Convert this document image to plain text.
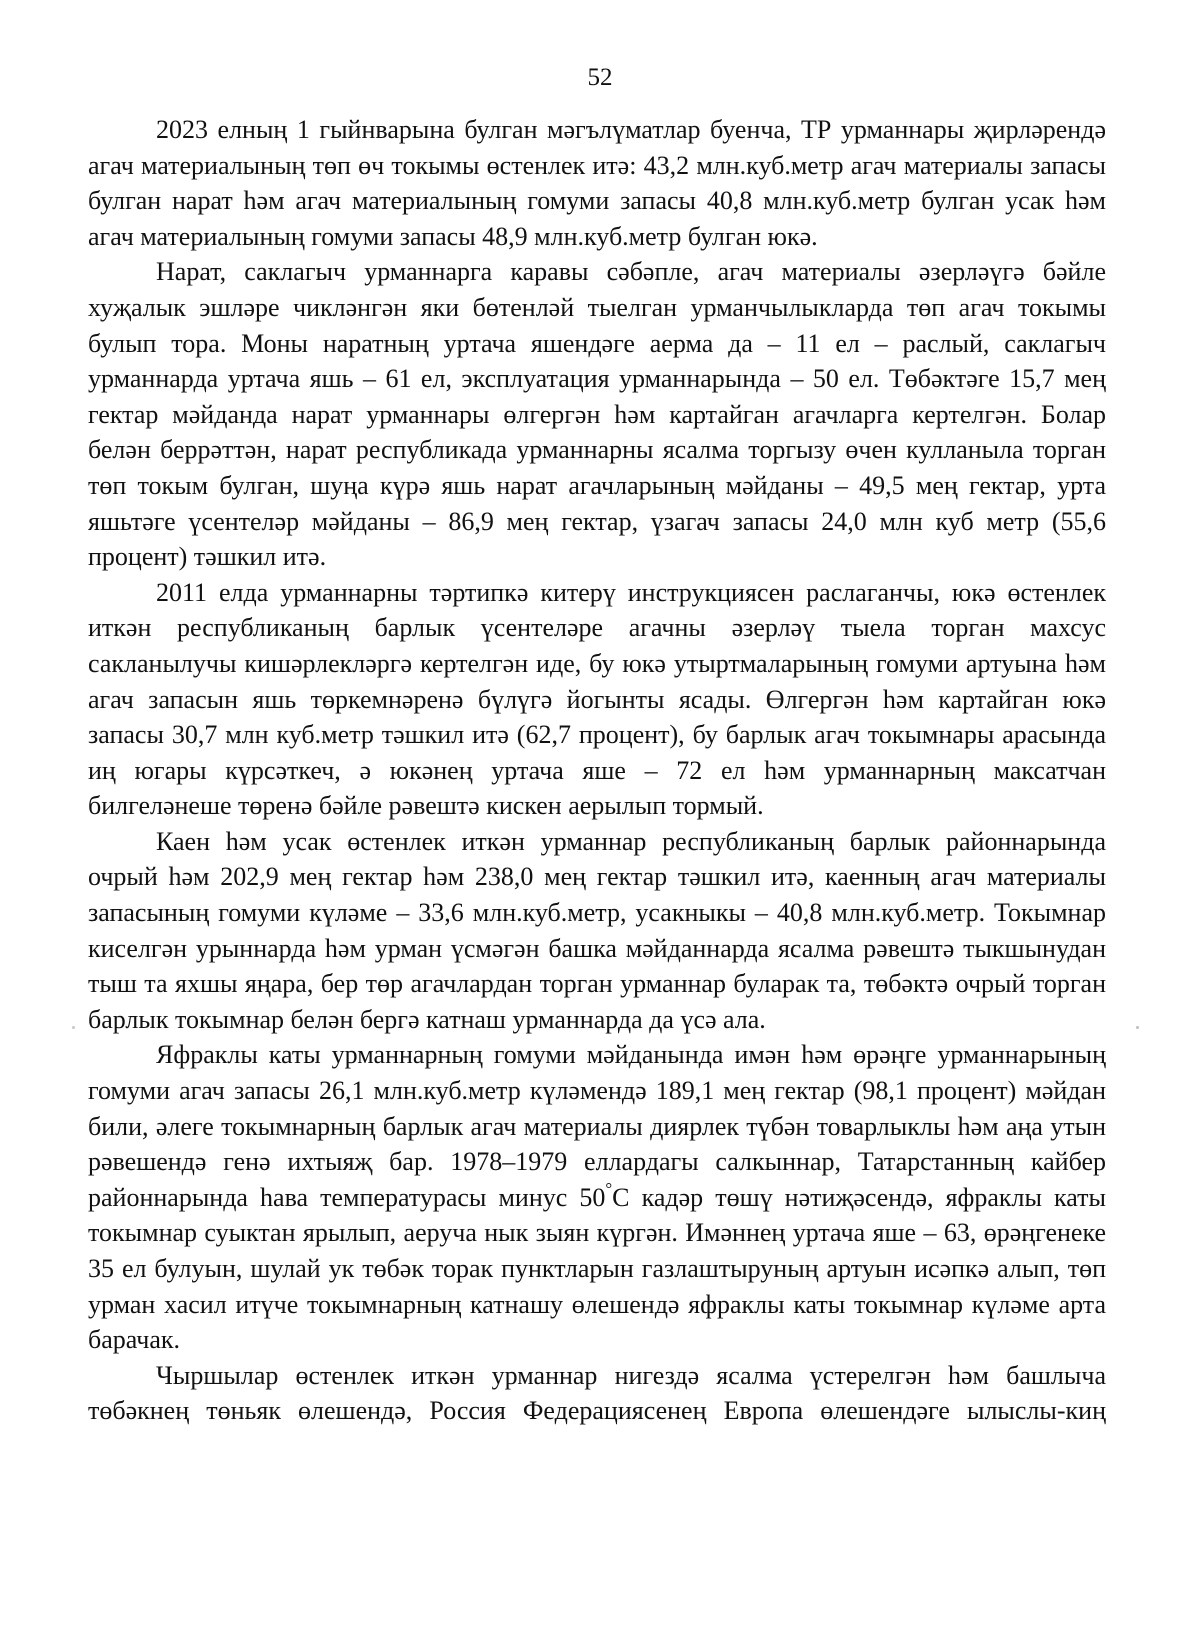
52

2023 елның 1 гыйнварына булган мәгълүматлар буенча, ТР урманнары җирләрендә агач материалының төп өч токымы өстенлек итә: 43,2 млн.куб.метр агач материалы запасы булган нарат һәм агач материалының гомуми запасы 40,8 млн.куб.метр булган усак һәм агач материалының гомуми запасы 48,9 млн.куб.метр булган юкә.

Нарат, саклагыч урманнарга каравы сәбәпле, агач материалы әзерләүгә бәйле хуҗалык эшләре чикләнгән яки бөтенләй тыелган урманчылыкларда төп агач токымы булып тора. Моны наратның уртача яшендәге аерма да – 11 ел – раслый, саклагыч урманнарда уртача яшь – 61 ел, эксплуатация урманнарында – 50 ел. Төбәктәге 15,7 мең гектар мәйданда нарат урманнары өлгергән һәм картайган агачларга кертелгән. Болар белән беррәттән, нарат республикада урманнарны ясалма торгызу өчен кулланыла торган төп токым булган, шуңа күрә яшь нарат агачларының мәйданы – 49,5 мең гектар, урта яшьтәге үсентеләр мәйданы – 86,9 мең гектар, үзагач запасы 24,0 млн куб метр (55,6 процент) тәшкил итә.

2011 елда урманнарны тәртипкә китерү инструкциясен раслаганчы, юкә өстенлек иткән республиканың барлык үсентеләре агачны әзерләү тыела торган махсус сакланылучы кишәрлекләргә кертелгән иде, бу юкә утыртмаларының гомуми артуына һәм агач запасын яшь төркемнәренә бүлүгә йогынты ясады. Өлгергән һәм картайган юкә запасы 30,7 млн куб.метр тәшкил итә (62,7 процент), бу барлык агач токымнары арасында иң югары күрсәткеч, ә юкәнең уртача яше – 72 ел һәм урманнарның максатчан билгеләнеше төренә бәйле рәвештә кискен аерылып тормый.

Каен һәм усак өстенлек иткән урманнар республиканың барлык районнарында очрый һәм 202,9 мең гектар һәм 238,0 мең гектар тәшкил итә, каенның агач материалы запасының гомуми күләме – 33,6 млн.куб.метр, усакныкы – 40,8 млн.куб.метр. Токымнар киселгән урыннарда һәм урман үсмәгән башка мәйданнарда ясалма рәвештә тыкшынудан тыш та яхшы яңара, бер төр агачлардан торган урманнар буларак та, төбәктә очрый торган барлык токымнар белән бергә катнаш урманнарда да үсә ала.

Яфраклы каты урманнарның гомуми мәйданында имән һәм өрәңге урманнарының гомуми агач запасы 26,1 млн.куб.метр күләмендә 189,1 мең гектар (98,1 процент) мәйдан били, әлеге токымнарның барлык агач материалы диярлек түбән товарлыклы һәм аңа утын рәвешендә генә ихтыяҗ бар. 1978–1979 еллардагы салкыннар, Татарстанның кайбер районнарында һава температурасы минус 50°С кадәр төшү нәтиҗәсендә, яфраклы каты токымнар суыктан ярылып, аеруча нык зыян күргән. Имәннең уртача яше – 63, өрәңгенеке 35 ел булуын, шулай ук төбәк торак пунктларын газлаштыруның артуын исәпкә алып, төп урман хасил итүче токымнарның катнашу өлешендә яфраклы каты токымнар күләме арта барачак.

Чыршылар өстенлек иткән урманнар нигездә ясалма үстерелгән һәм башлыча төбәкнең төньяк өлешендә, Россия Федерациясенең Европа өлешендәге ылыслы-киң
